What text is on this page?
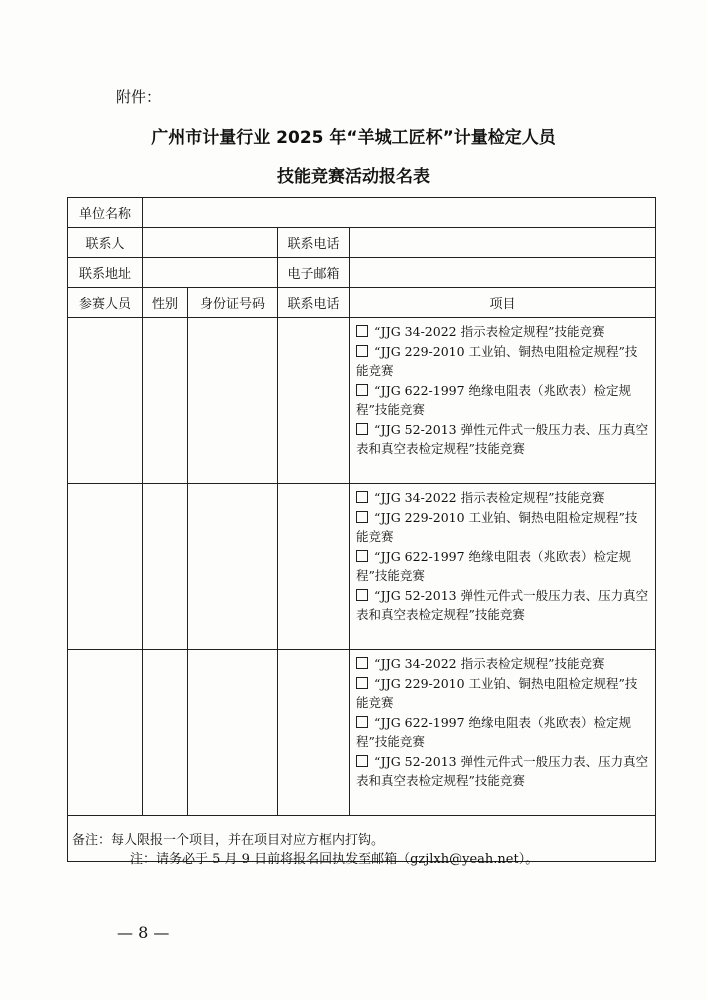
附件：
广州市计量行业 2025 年“羊城工匠杯”计量检定人员
技能竞赛活动报名表
单位名称				
联系人			联系电话	
联系地址			电子邮箱	
参赛人员	性别	身份证号码	联系电话	项目

				“JJG 34-2022 指示表检定规程”技能竞赛
“JJG 229-2010 工业铂、铜热电阻检定规程”技能竞赛
“JJG 622-1997 绝缘电阻表（兆欧表）检定规程”技能竞赛
“JJG 52-2013 弹性元件式一般压力表、压力真空表和真空表检定规程”技能竞赛

				“JJG 34-2022 指示表检定规程”技能竞赛
“JJG 229-2010 工业铂、铜热电阻检定规程”技能竞赛
“JJG 622-1997 绝缘电阻表（兆欧表）检定规程”技能竞赛
“JJG 52-2013 弹性元件式一般压力表、压力真空表和真空表检定规程”技能竞赛

				“JJG 34-2022 指示表检定规程”技能竞赛
“JJG 229-2010 工业铂、铜热电阻检定规程”技能竞赛
“JJG 622-1997 绝缘电阻表（兆欧表）检定规程”技能竞赛
“JJG 52-2013 弹性元件式一般压力表、压力真空表和真空表检定规程”技能竞赛

备注：每人限报一个项目，并在项目对应方框内打钩。				
注：请务必于 5 月 9 日前将报名回执发至邮箱（gzjlxh@yeah.net）。
— 8 —
